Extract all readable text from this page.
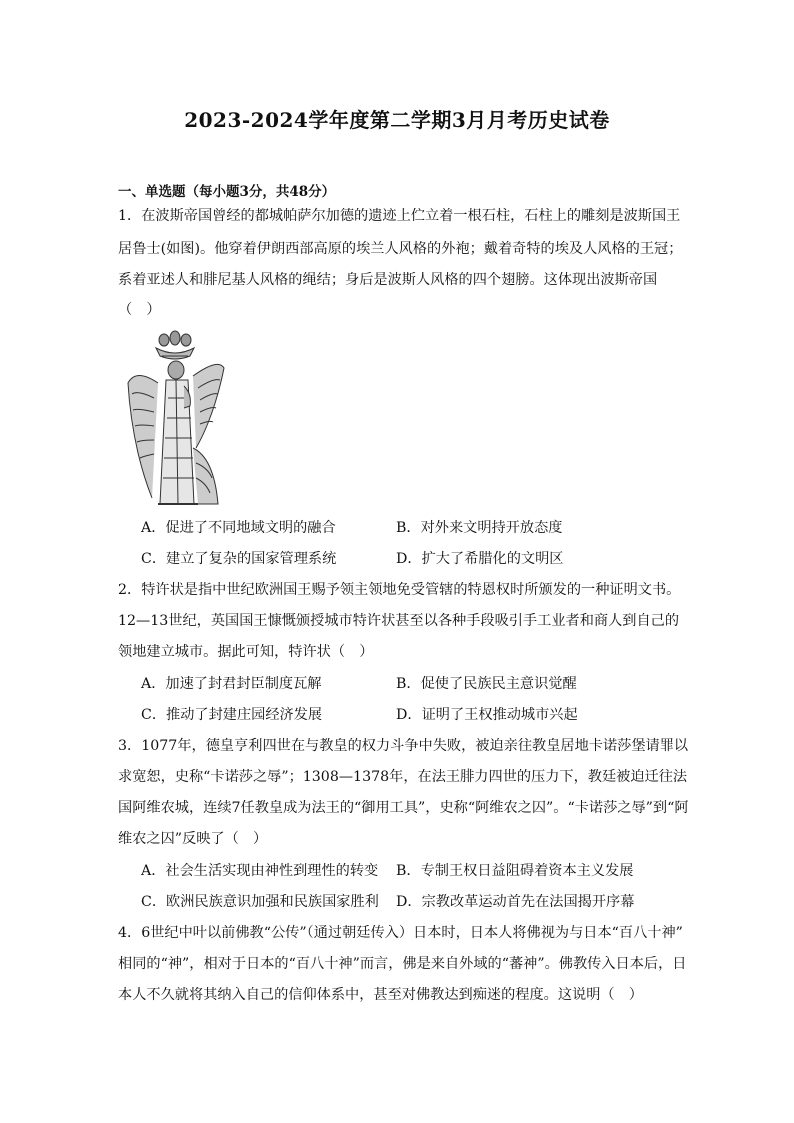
2023-2024学年度第二学期3月月考历史试卷
一、单选题（每小题3分，共48分）
1．在波斯帝国曾经的都城帕萨尔加德的遗迹上伫立着一根石柱，石柱上的雕刻是波斯国王
居鲁士(如图)。他穿着伊朗西部高原的埃兰人风格的外袍；戴着奇特的埃及人风格的王冠；
系着亚述人和腓尼基人风格的绳结；身后是波斯人风格的四个翅膀。这体现出波斯帝国
（　）
A．促进了不同地域文明的融合	B．对外来文明持开放态度
C．建立了复杂的国家管理系统	D．扩大了希腊化的文明区
2．特许状是指中世纪欧洲国王赐予领主领地免受管辖的特恩权时所颁发的一种证明文书。
12—13世纪，英国国王慷慨颁授城市特许状甚至以各种手段吸引手工业者和商人到自己的
领地建立城市。据此可知，特许状（　）
A．加速了封君封臣制度瓦解	B．促使了民族民主意识觉醒
C．推动了封建庄园经济发展	D．证明了王权推动城市兴起
3．1077年，德皇亨利四世在与教皇的权力斗争中失败，被迫亲往教皇居地卡诺莎堡请罪以
求宽恕，史称“卡诺莎之辱”；1308—1378年，在法王腓力四世的压力下，教廷被迫迁往法
国阿维农城，连续7任教皇成为法王的“御用工具”，史称“阿维农之囚”。“卡诺莎之辱”到“阿
维农之囚”反映了（　）
A．社会生活实现由神性到理性的转变 B．专制王权日益阻碍着资本主义发展
C．欧洲民族意识加强和民族国家胜利 D．宗教改革运动首先在法国揭开序幕
4．6世纪中叶以前佛教“公传”（通过朝廷传入）日本时，日本人将佛视为与日本“百八十神”
相同的“神”，相对于日本的“百八十神”而言，佛是来自外域的“蕃神”。佛教传入日本后，日
本人不久就将其纳入自己的信仰体系中，甚至对佛教达到痴迷的程度。这说明（　）
